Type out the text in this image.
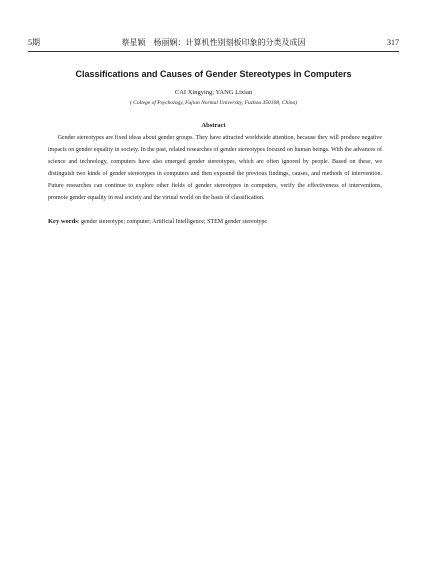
5期	蔡星颖　杨丽娴：计算机性别刻板印象的分类及成因	317
Classifications and Causes of Gender Stereotypes in Computers
CAI Xingying; YANG Lixian
( College of Psychology, Fujian Normal University, Fuzhou 350108, China)
Abstract

Gender stereotypes are fixed ideas about gender groups. They have attracted worldwide attention, because they will produce negative impacts on gender equality in society. In the past, related researches of gender stereotypes focused on human beings. With the advances of science and technology, computers have also emerged gender stereotypes, which are often ignored by people. Based on these, we distinguish two kinds of gender stereotypes in computers and then expound the previous findings, causes, and methods of intervention. Future researches can continue to explore other fields of gender stereotypes in computers, verify the effectiveness of interventions, promote gender equality in real society and the virtual world on the basis of classification.

Key words: gender stereotype; computer; Artificial Intelligence; STEM gender stereotype
